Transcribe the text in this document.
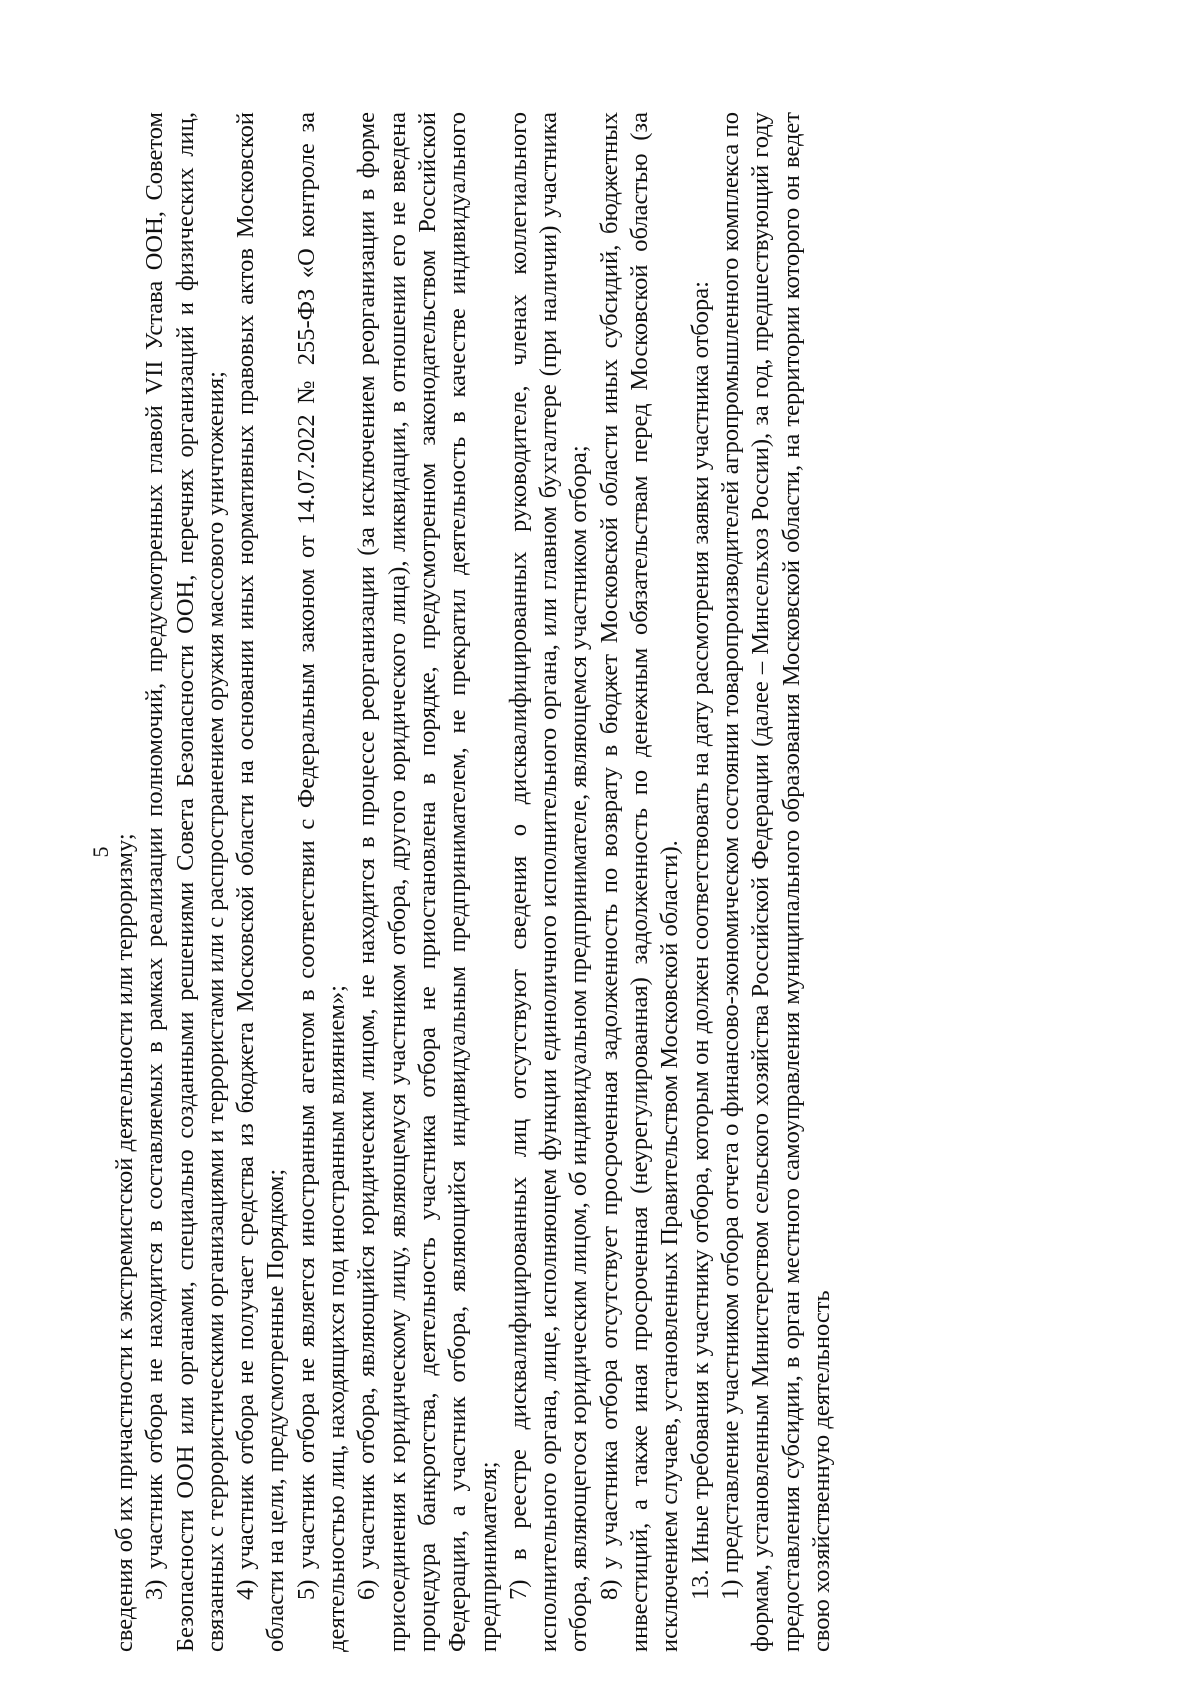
5

сведения об их причастности к экстремистской деятельности или терроризму; 3) участник отбора не находится в составляемых в рамках реализации полномочий, предусмотренных главой VII Устава ООН, Советом Безопасности ООН или органами, специально созданными решениями Совета Безопасности ООН, перечнях организаций и физических лиц, связанных с террористическими организациями и террористами или с распространением оружия массового уничтожения; 4) участник отбора не получает средства из бюджета Московской области на основании иных нормативных правовых актов Московской области на цели, предусмотренные Порядком; 5) участник отбора не является иностранным агентом в соответствии с Федеральным законом от 14.07.2022 № 255-ФЗ «О контроле за деятельностью лиц, находящихся под иностранным влиянием»; 6) участник отбора, являющийся юридическим лицом, не находится в процессе реорганизации (за исключением реорганизации в форме присоединения к юридическому лицу, являющемуся участником отбора, другого юридического лица), ликвидации, в отношении его не введена процедура банкротства, деятельность участника отбора не приостановлена в порядке, предусмотренном законодательством Российской Федерации, а участник отбора, являющийся индивидуальным предпринимателем, не прекратил деятельность в качестве индивидуального предпринимателя; 7) в реестре дисквалифицированных лиц отсутствуют сведения о дисквалифицированных руководителе, членах коллегиального исполнительного органа, лице, исполняющем функции единоличного исполнительного органа, или главном бухгалтере (при наличии) участника отбора, являющегося юридическим лицом, об индивидуальном предпринимателе, являющемся участником отбора; 8) у участника отбора отсутствует просроченная задолженность по возврату в бюджет Московской области иных субсидий, бюджетных инвестиций, а также иная просроченная (неурегулированная) задолженность по денежным обязательствам перед Московской областью (за исключением случаев, установленных Правительством Московской области). 13. Иные требования к участнику отбора, которым он должен соответствовать на дату рассмотрения заявки участника отбора: 1) представление участником отбора отчета о финансово-экономическом состоянии товаропроизводителей агропромышленного комплекса по формам, установленным Министерством сельского хозяйства Российской Федерации (далее – Минсельхоз России), за год, предшествующий году предоставления субсидии, в орган местного самоуправления муниципального образования Московской области, на территории которого он ведет свою хозяйственную деятельность
